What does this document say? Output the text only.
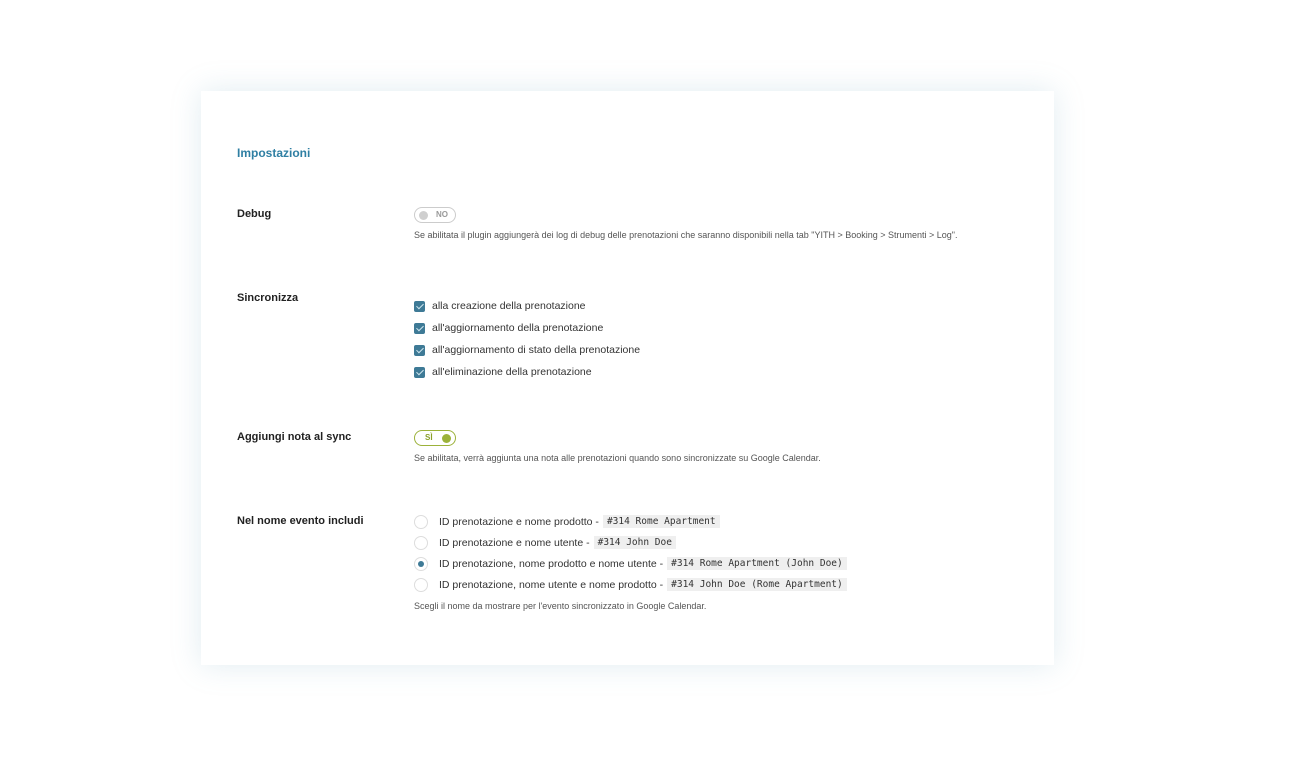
Impostazioni
Debug	NO
Se abilitata il plugin aggiungerà dei log di debug delle prenotazioni che saranno disponibili nella tab "YITH > Booking > Strumenti > Log".
Sincronizza
alla creazione della prenotazione
all'aggiornamento della prenotazione
all'aggiornamento di stato della prenotazione
all'eliminazione della prenotazione
Aggiungi nota al sync	SÌ
Se abilitata, verrà aggiunta una nota alle prenotazioni quando sono sincronizzate su Google Calendar.
Nel nome evento includi	ID prenotazione e nome prodotto - #314 Rome Apartment
ID prenotazione e nome utente - #314 John Doe
ID prenotazione, nome prodotto e nome utente - #314 Rome Apartment (John Doe)
ID prenotazione, nome utente e nome prodotto - #314 John Doe (Rome Apartment)
Scegli il nome da mostrare per l'evento sincronizzato in Google Calendar.
